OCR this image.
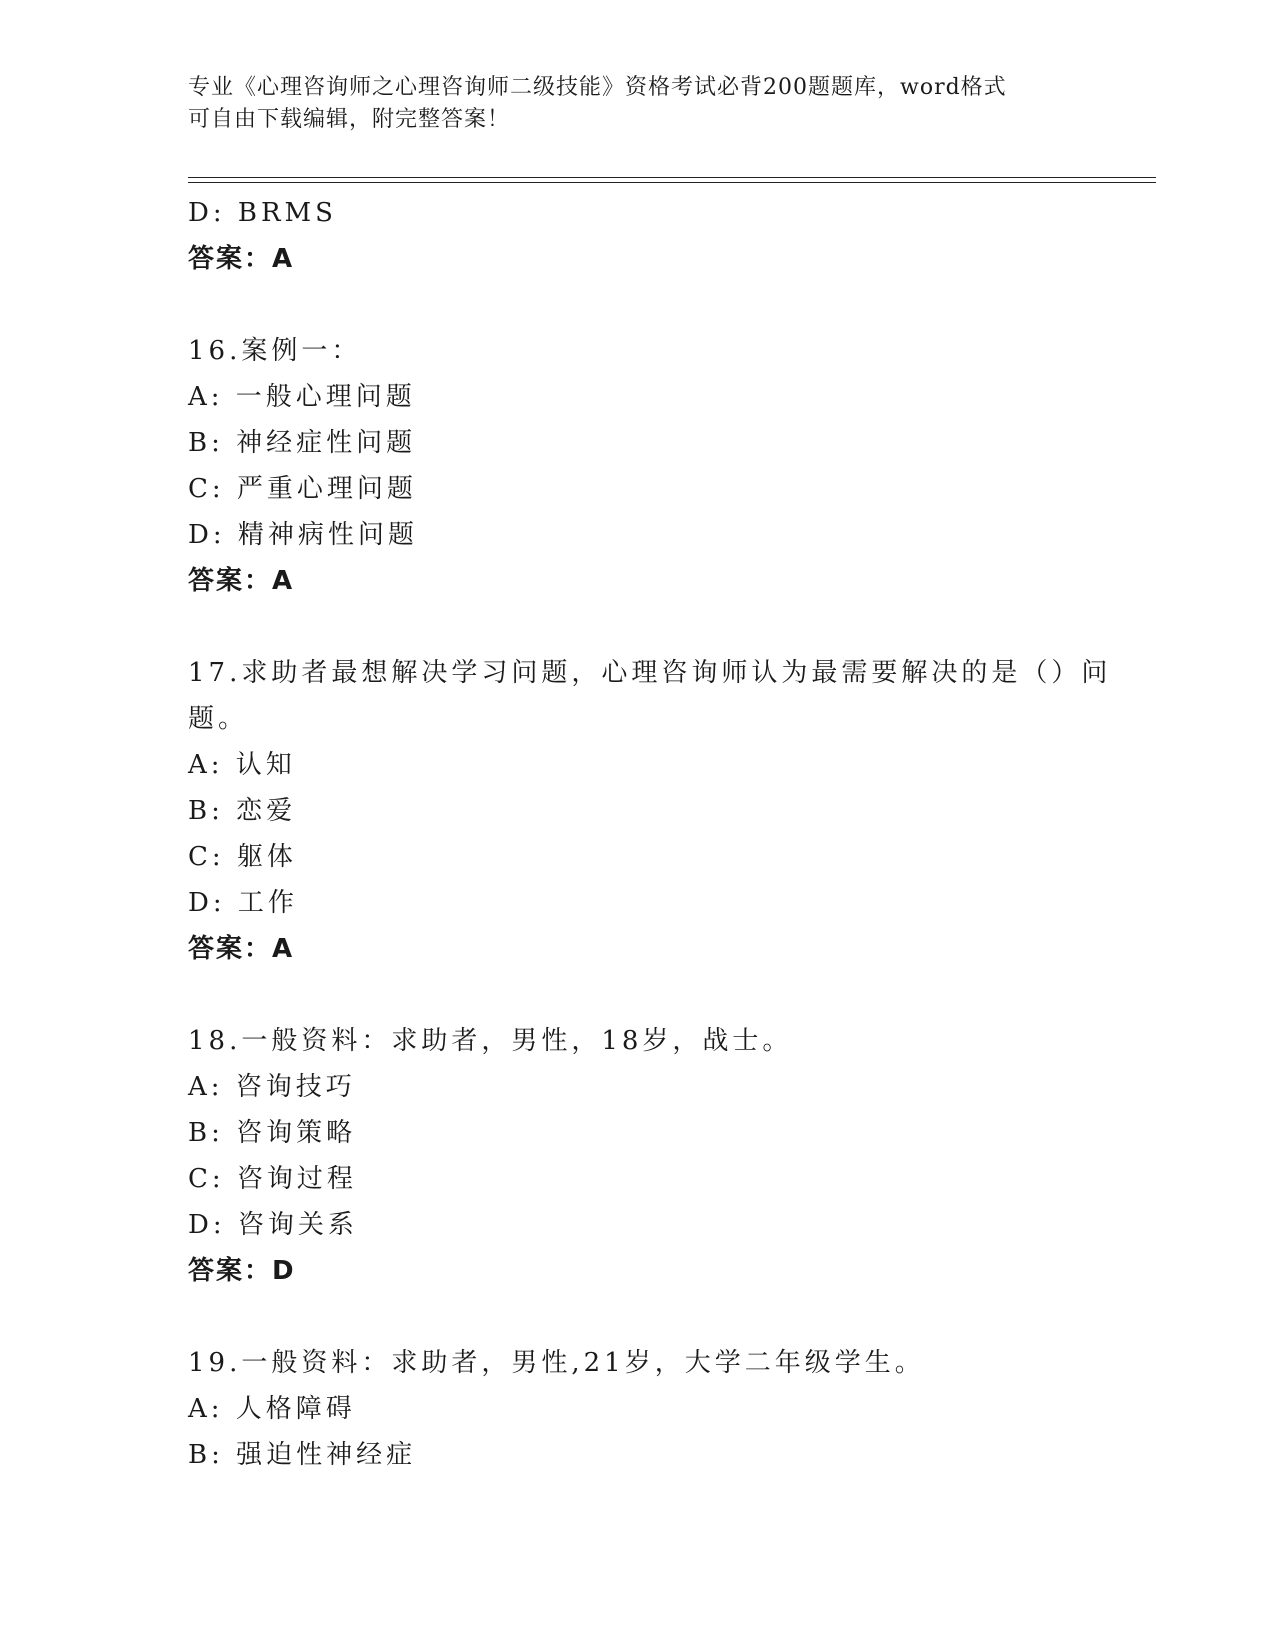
专业《心理咨询师之心理咨询师二级技能》资格考试必背200题题库，word格式
可自由下载编辑，附完整答案！
D: BRMS
答案：A
16.案例一：
A: 一般心理问题
B: 神经症性问题
C: 严重心理问题
D: 精神病性问题
答案：A
17.求助者最想解决学习问题，心理咨询师认为最需要解决的是（）问
题。
A: 认知
B: 恋爱
C: 躯体
D: 工作
答案：A
18.一般资料：求助者，男性，18岁，战士。
A: 咨询技巧
B: 咨询策略
C: 咨询过程
D: 咨询关系
答案：D
19.一般资料：求助者，男性,21岁，大学二年级学生。
A: 人格障碍
B: 强迫性神经症
